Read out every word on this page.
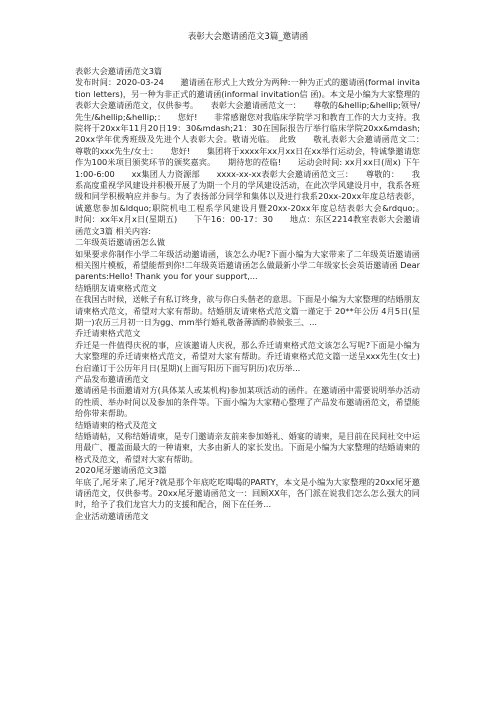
表彰大会邀请函范文3篇_邀请函

表彰大会邀请函范文3篇

发布时间：2020-03-24　　邀请函在形式上大致分为两种:一种为正式的邀请函(formal invitation letters)，另一种为非正式的邀请函(informal invitation信 函)。本文是小编为大家整理的表彰大会邀请函范文，仅供参考。　　表彰大会邀请函范文一：　　尊敬的&hellip;&hellip;领导/先生/&hellip;&hellip;：　　您好!　　非常感谢您对我临床学院学习和教育工作的大力支持。我院将于20xx年11月20日19：30&mdash;21：30在国际报告厅举行临床学院20xx&mdash;20xx学年优秀班级及先进个人表彰大会。敬请光临。　此致　　敬礼表彰大会邀请函范文二：　　尊敬的xxx先生/女士：　　您好!　　集团将于xxxx年xx月xx日在xx举行运动会，特诚挚邀请您作为100米项目颁奖环节的颁奖嘉宾。　　期待您的莅临!　　运动会时间: xx月xx日(周x) 下午1:00-6:00　　xx集团人力资源部　　xxxx-xx-xx表彰大会邀请函范文三：　　尊敬的：　　我系高度重视学风建设并积极开展了为期一个月的学风建设活动，在此次学风建设月中，我系各班级和同学积极响应并参与。为了表扬部分同学和集体以及进行我系20xx-20xx年度总结表彰，诚邀您参加&ldquo;职院机电工程系学风建设月暨20xx-20xx年度总结表彰大会&rdquo;。　　时间：xx年x月x日(星期五)　　下午16：00-17：30　　地点：东区2214教室表彰大会邀请函范文3篇 相关内容:

二年级英语邀请函怎么做

如果要求你制作小学二年级活动邀请函，该怎么办呢?下面小编为大家带来了二年级英语邀请函相关图片模板，希望能帮到你!二年级英语邀请函怎么做最新小学二年级家长会英语邀请函 Dear parents:Hello! Thank you for your support,...

结婚朋友请柬格式范文

在我国古时候，送帐子有私订终身，欲与你白头偕老的意思。下面是小编为大家整理的结婚朋友请柬格式范文，希望对大家有帮助。结婚朋友请柬格式范文篇一谨定于 20**年公历 4月5日(星期一)农历三月初一日为gg、mm举行婚礼敬备薄酒酌恭候张三、...

乔迁请柬格式范文

乔迁是一件值得庆祝的事，应该邀请人庆祝，那么乔迁请柬格式范文该怎么写呢?下面是小编为大家整理的乔迁请柬格式范文，希望对大家有帮助。乔迁请柬格式范文篇一送呈xxx先生(女士)台启谨订于公历年月日(星期)(上面写阳历下面写阴历)农历举...

产品发布邀请函范文

邀请函是书面邀请对方(具体某人或某机构)参加某项活动的函件。在邀请函中需要说明举办活动的性质、举办时间以及参加的条件等。下面小编为大家精心整理了产品发布邀请函范文，希望能给你带来帮助。

结婚请柬的格式及范文

结婚请帖，又称结婚请柬，是专门邀请亲友前来参加婚礼、婚宴的请柬，是目前在民间社交中运用最广、覆盖面最大的一种请柬，大多由新人的家长发出。下面是小编为大家整理的结婚请柬的格式及范文，希望对大家有帮助。

2020尾牙邀请函范文3篇

年底了,尾牙来了,尾牙?就是那个年底吃吃喝喝的PARTY，本文是小编为大家整理的20xx尾牙邀请函范文，仅供参考。20xx尾牙邀请函范文一：回顾XX年，各门派在说我们怎么怎么强大的同时，给予了我们龙宫大力的支援和配合，阁下在任务...

企业活动邀请函范文
